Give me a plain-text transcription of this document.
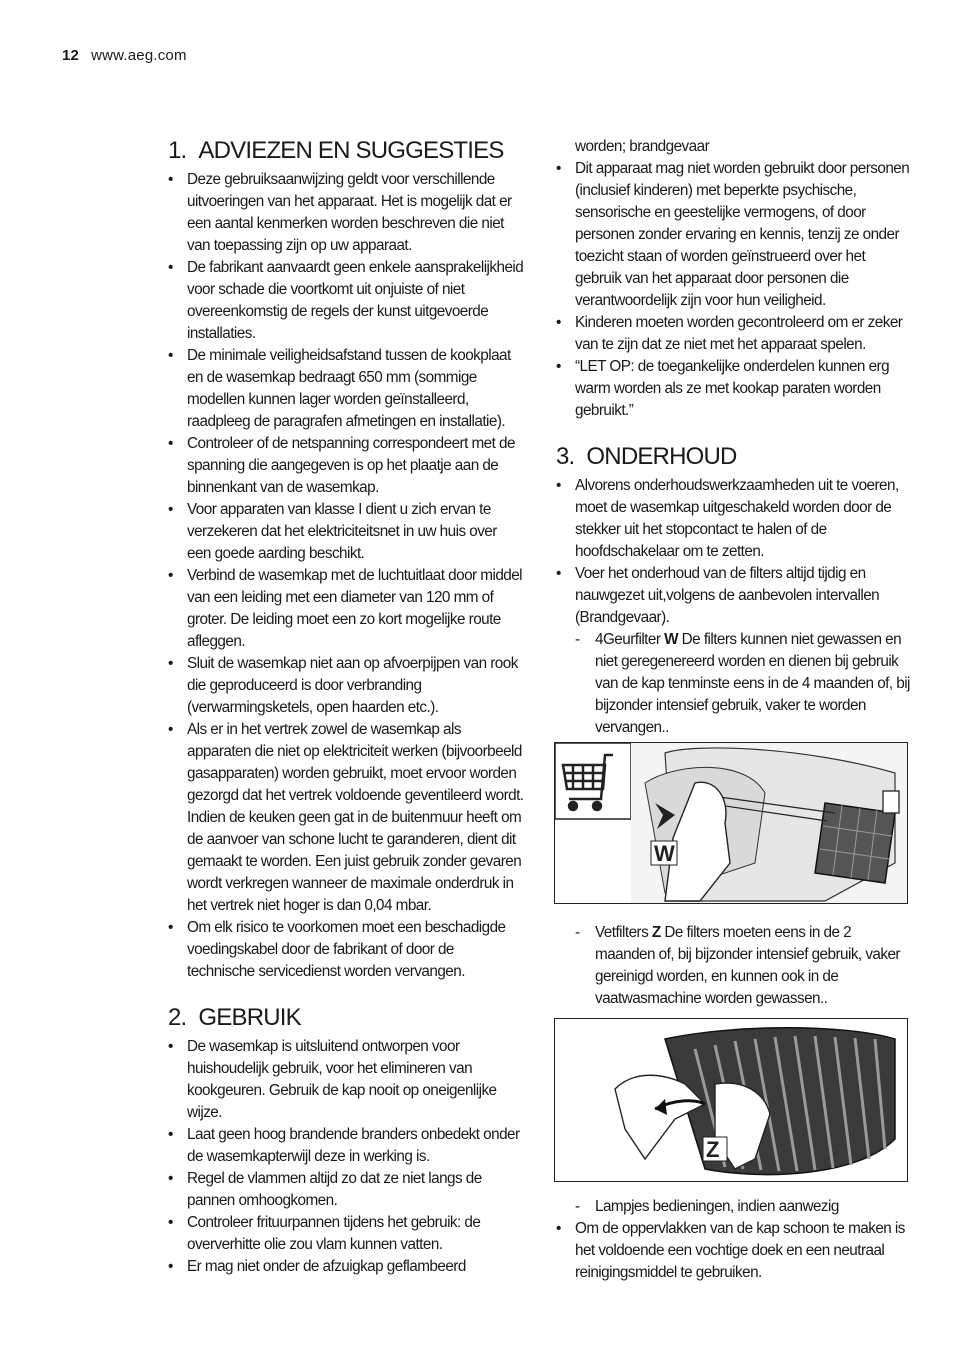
12 www.aeg.com
1. ADVIEZEN EN SUGGESTIES
• Deze gebruiksaanwijzing geldt voor verschillende uitvoeringen van het apparaat. Het is mogelijk dat er een aantal kenmerken worden beschreven die niet van toepassing zijn op uw apparaat.
• De fabrikant aanvaardt geen enkele aansprakelijkheid voor schade die voortkomt uit onjuiste of niet overeenkomstig de regels der kunst uitgevoerde installaties.
• De minimale veiligheidsafstand tussen de kookplaat en de wasemkap bedraagt 650 mm (sommige modellen kunnen lager worden geïnstalleerd, raadpleeg de paragrafen afmetingen en installatie).
• Controleer of de netspanning correspondeert met de spanning die aangegeven is op het plaatje aan de binnenkant van de wasemkap.
• Voor apparaten van klasse I dient u zich ervan te verzekeren dat het elektriciteitsnet in uw huis over een goede aarding beschikt.
• Verbind de wasemkap met de luchtuitlaat door middel van een leiding met een diameter van 120 mm of groter. De leiding moet een zo kort mogelijke route afleggen.
• Sluit de wasemkap niet aan op afvoerpijpen van rook die geproduceerd is door verbranding (verwarmingsketels, open haarden etc.).
• Als er in het vertrek zowel de wasemkap als apparaten die niet op elektriciteit werken (bijvoorbeeld gasapparaten) worden gebruikt, moet ervoor worden gezorgd dat het vertrek voldoende geventileerd wordt. Indien de keuken geen gat in de buitenmuur heeft om de aanvoer van schone lucht te garanderen, dient dit gemaakt te worden. Een juist gebruik zonder gevaren wordt verkregen wanneer de maximale onderdruk in het vertrek niet hoger is dan 0,04 mbar.
• Om elk risico te voorkomen moet een beschadigde voedingskabel door de fabrikant of door de technische servicedienst worden vervangen.
2. GEBRUIK
• De wasemkap is uitsluitend ontworpen voor huishoudelijk gebruik, voor het elimineren van kookgeuren. Gebruik de kap nooit op oneigenlijke wijze.
• Laat geen hoog brandende branders onbedekt onder de wasemkapterwijl deze in werking is.
• Regel de vlammen altijd zo dat ze niet langs de pannen omhoogkomen.
• Controleer frituurpannen tijdens het gebruik: de oververhitte olie zou vlam kunnen vatten.
• Er mag niet onder de afzuigkap geflambeerd
worden; brandgevaar
• Dit apparaat mag niet worden gebruikt door personen (inclusief kinderen) met beperkte psychische, sensorische en geestelijke vermogens, of door personen zonder ervaring en kennis, tenzij ze onder toezicht staan of worden geïnstrueerd over het gebruik van het apparaat door personen die verantwoordelijk zijn voor hun veiligheid.
• Kinderen moeten worden gecontroleerd om er zeker van te zijn dat ze niet met het apparaat spelen.
• “LET OP: de toegankelijke onderdelen kunnen erg warm worden als ze met kookap paraten worden gebruikt.”
3. ONDERHOUD
• Alvorens onderhoudswerkzaamheden uit te voeren, moet de wasemkap uitgeschakeld worden door de stekker uit het stopcontact te halen of de hoofdschakelaar om te zetten.
• Voer het onderhoud van de filters altijd tijdig en nauwgezet uit,volgens de aanbevolen intervallen (Brandgevaar).
- 4Geurfilter W De filters kunnen niet gewassen en niet geregenereerd worden en dienen bij gebruik van de kap tenminste eens in de 4 maanden of, bij bijzonder intensief gebruik, vaker te worden vervangen..
W
- Vetfilters Z De filters moeten eens in de 2 maanden of, bij bijzonder intensief gebruik, vaker gereinigd worden, en kunnen ook in de vaatwasmachine worden gewassen..
Z
- Lampjes bedieningen, indien aanwezig
• Om de oppervlakken van de kap schoon te maken is het voldoende een vochtige doek en een neutraal reinigingsmiddel te gebruiken.
